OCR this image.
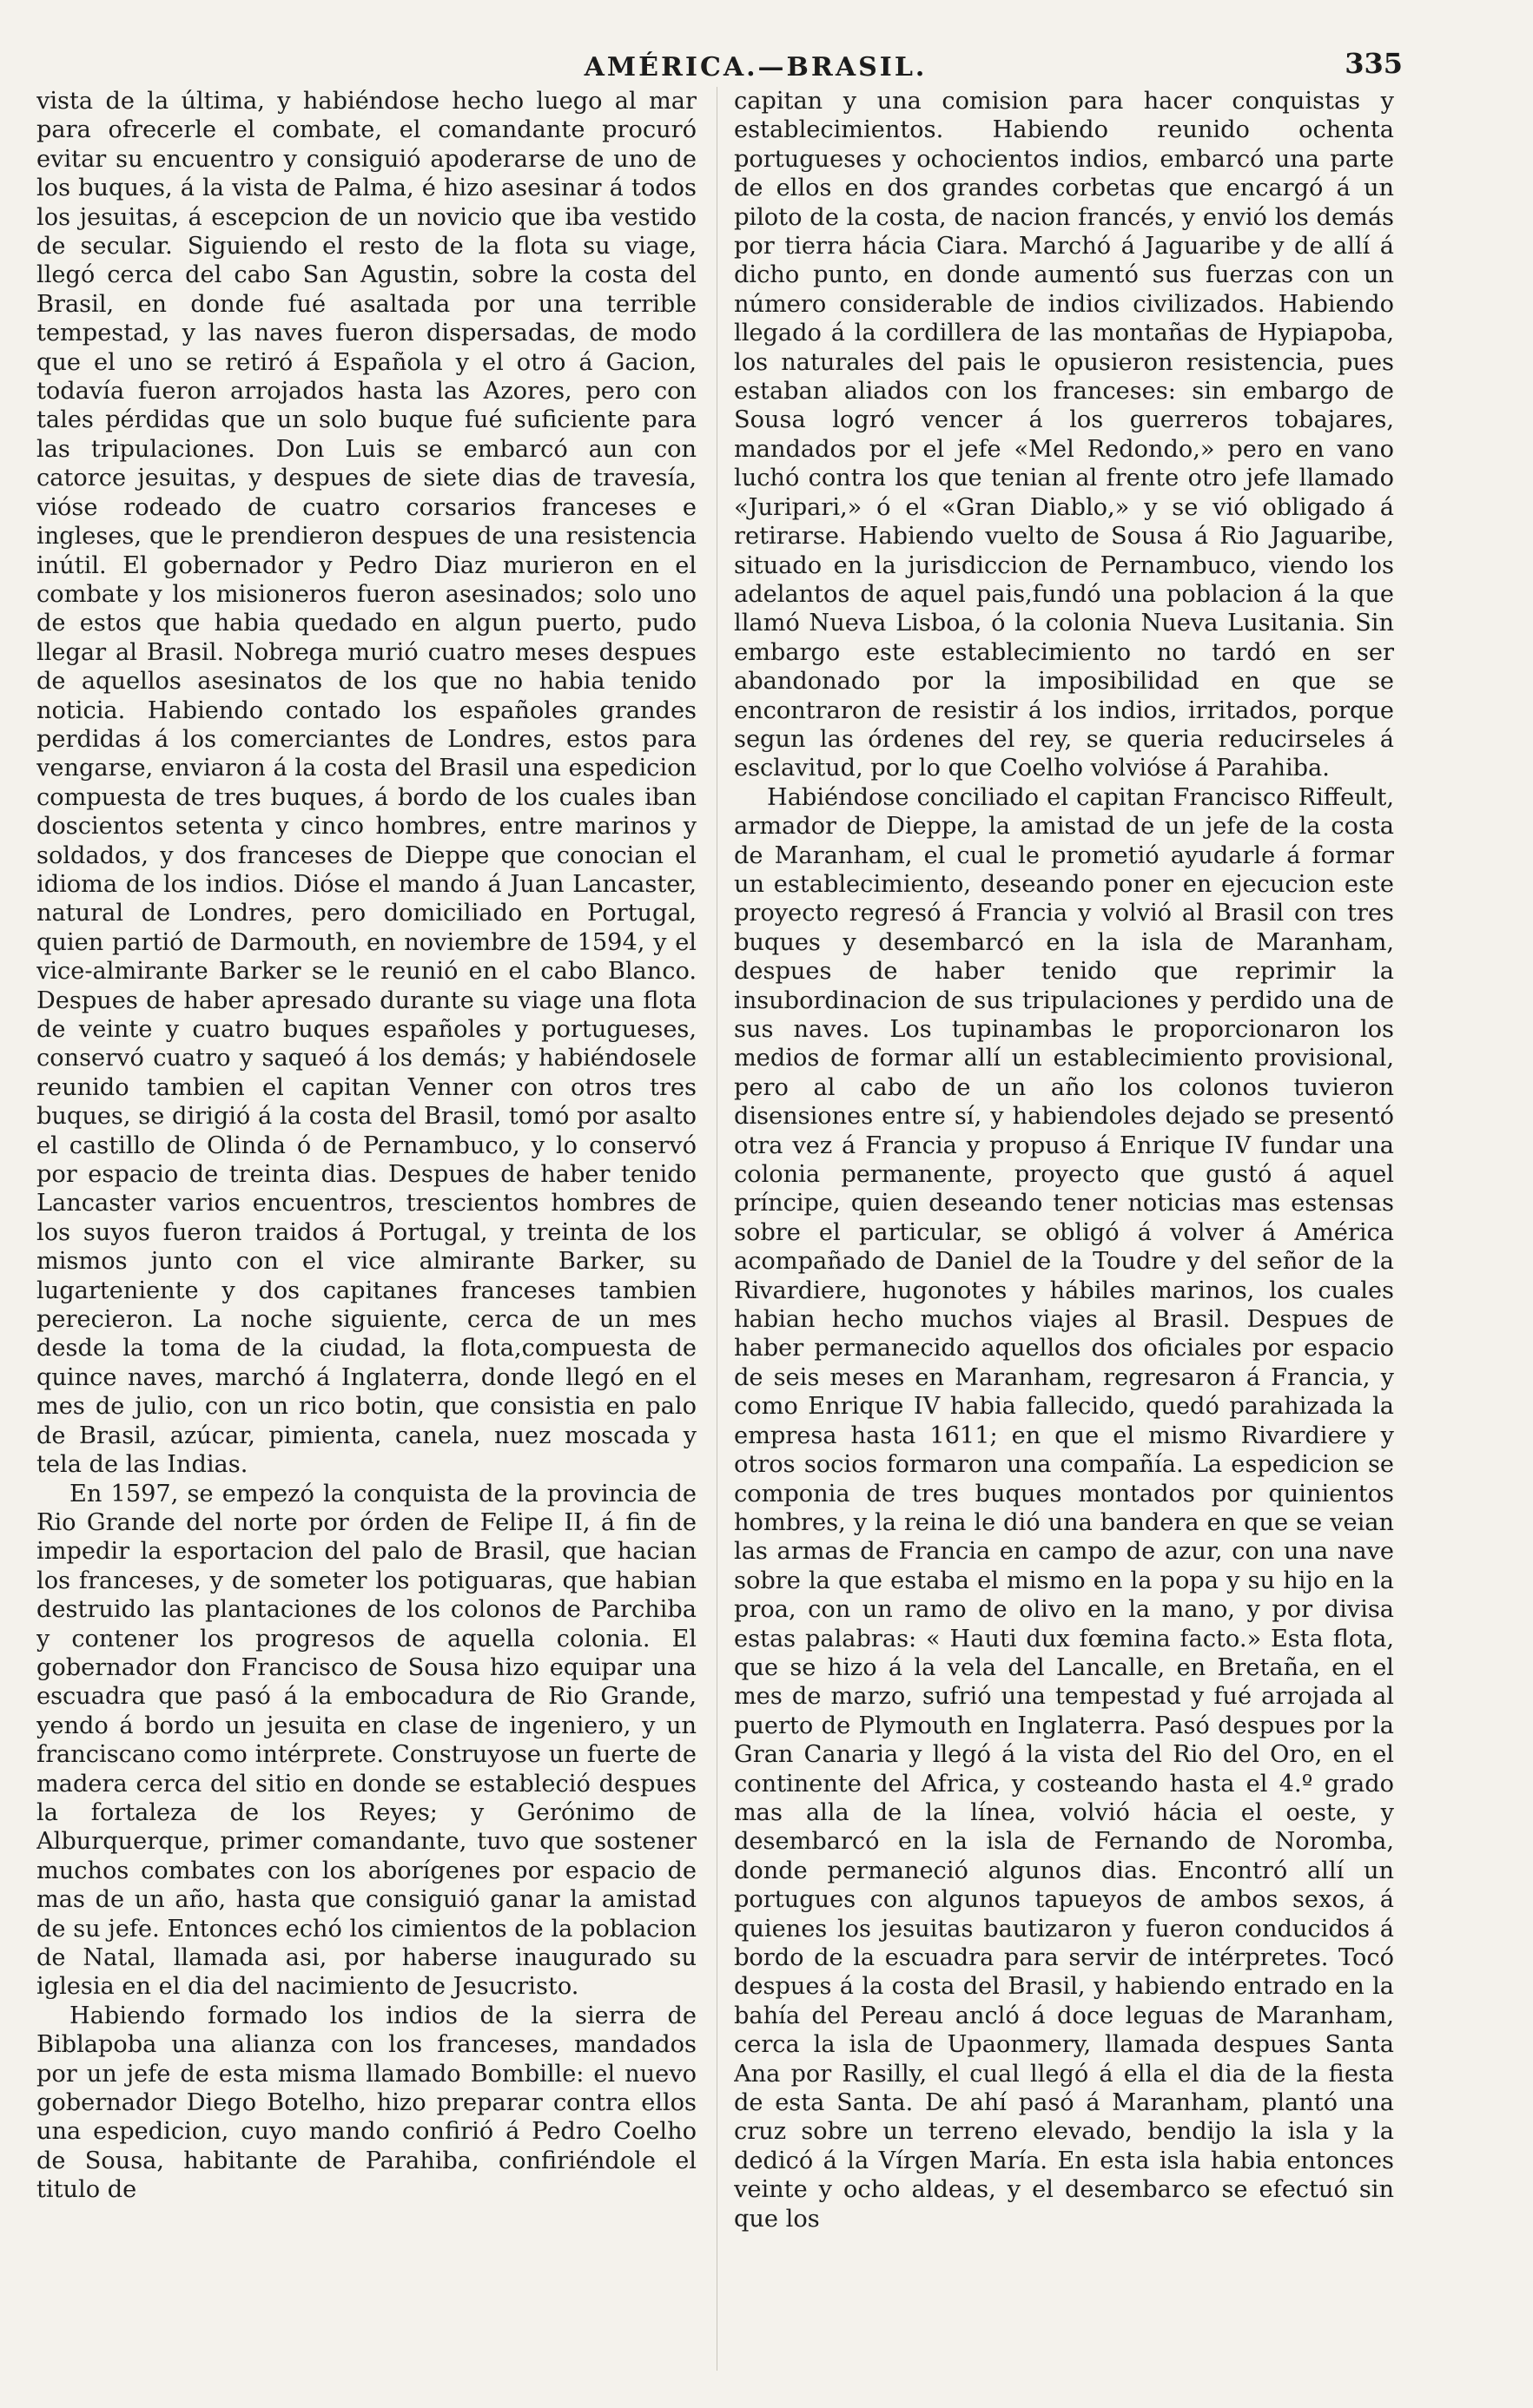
AMÉRICA.—BRASIL.	335

vista de la última, y habiéndose hecho luego al mar para ofrecerle el combate, el comandante procuró evitar su encuentro y consiguió apoderarse de uno de los buques, á la vista de Palma, é hizo asesinar á todos los jesuitas, á escepcion de un novicio que iba vestido de secular. Siguiendo el resto de la flota su viage, llegó cerca del cabo San Agustin, sobre la costa del Brasil, en donde fué asaltada por una terrible tempestad, y las naves fueron dispersadas, de modo que el uno se retiró á Española y el otro á Gacion, todavía fueron arrojados hasta las Azores, pero con tales pérdidas que un solo buque fué suficiente para las tripulaciones. Don Luis se embarcó aun con catorce jesuitas, y despues de siete dias de travesía, vióse rodeado de cuatro corsarios franceses e ingleses, que le prendieron despues de una resistencia inútil. El gobernador y Pedro Diaz murieron en el combate y los misioneros fueron asesinados; solo uno de estos que habia quedado en algun puerto, pudo llegar al Brasil. Nobrega murió cuatro meses despues de aquellos asesinatos de los que no habia tenido noticia. Habiendo contado los españoles grandes perdidas á los comerciantes de Londres, estos para vengarse, enviaron á la costa del Brasil una espedicion compuesta de tres buques, á bordo de los cuales iban doscientos setenta y cinco hombres, entre marinos y soldados, y dos franceses de Dieppe que conocian el idioma de los indios. Dióse el mando á Juan Lancaster, natural de Londres, pero domiciliado en Portugal, quien partió de Darmouth, en noviembre de 1594, y el vice-almirante Barker se le reunió en el cabo Blanco. Despues de haber apresado durante su viage una flota de veinte y cuatro buques españoles y portugueses, conservó cuatro y saqueó á los demás; y habiéndosele reunido tambien el capitan Venner con otros tres buques, se dirigió á la costa del Brasil, tomó por asalto el castillo de Olinda ó de Pernambuco, y lo conservó por espacio de treinta dias. Despues de haber tenido Lancaster varios encuentros, trescientos hombres de los suyos fueron traidos á Portugal, y treinta de los mismos junto con el vice almirante Barker, su lugarteniente y dos capitanes franceses tambien perecieron. La noche siguiente, cerca de un mes desde la toma de la ciudad, la flota,compuesta de quince naves, marchó á Inglaterra, donde llegó en el mes de julio, con un rico botin, que consistia en palo de Brasil, azúcar, pimienta, canela, nuez moscada y tela de las Indias.

En 1597, se empezó la conquista de la provincia de Rio Grande del norte por órden de Felipe II, á fin de impedir la esportacion del palo de Brasil, que hacian los franceses, y de someter los potiguaras, que habian destruido las plantaciones de los colonos de Parchiba y contener los progresos de aquella colonia. El gobernador don Francisco de Sousa hizo equipar una escuadra que pasó á la embocadura de Rio Grande, yendo á bordo un jesuita en clase de ingeniero, y un franciscano como intérprete. Construyose un fuerte de madera cerca del sitio en donde se estableció despues la fortaleza de los Reyes; y Gerónimo de Alburquerque, primer comandante, tuvo que sostener muchos combates con los aborígenes por espacio de mas de un año, hasta que consiguió ganar la amistad de su jefe. Entonces echó los cimientos de la poblacion de Natal, llamada asi, por haberse inaugurado su iglesia en el dia del nacimiento de Jesucristo.

Habiendo formado los indios de la sierra de Biblapoba una alianza con los franceses, mandados por un jefe de esta misma llamado Bombille: el nuevo gobernador Diego Botelho, hizo preparar contra ellos una espedicion, cuyo mando confirió á Pedro Coelho de Sousa, habitante de Parahiba, confiriéndole el titulo de

capitan y una comision para hacer conquistas y establecimientos. Habiendo reunido ochenta portugueses y ochocientos indios, embarcó una parte de ellos en dos grandes corbetas que encargó á un piloto de la costa, de nacion francés, y envió los demás por tierra hácia Ciara. Marchó á Jaguaribe y de allí á dicho punto, en donde aumentó sus fuerzas con un número considerable de indios civilizados. Habiendo llegado á la cordillera de las montañas de Hypiapoba, los naturales del pais le opusieron resistencia, pues estaban aliados con los franceses: sin embargo de Sousa logró vencer á los guerreros tobajares, mandados por el jefe «Mel Redondo,» pero en vano luchó contra los que tenian al frente otro jefe llamado «Juripari,» ó el «Gran Diablo,» y se vió obligado á retirarse. Habiendo vuelto de Sousa á Rio Jaguaribe, situado en la jurisdiccion de Pernambuco, viendo los adelantos de aquel pais,fundó una poblacion á la que llamó Nueva Lisboa, ó la colonia Nueva Lusitania. Sin embargo este establecimiento no tardó en ser abandonado por la imposibilidad en que se encontraron de resistir á los indios, irritados, porque segun las órdenes del rey, se queria reducirseles á esclavitud, por lo que Coelho volvióse á Parahiba.

Habiéndose conciliado el capitan Francisco Riffeult, armador de Dieppe, la amistad de un jefe de la costa de Maranham, el cual le prometió ayudarle á formar un establecimiento, deseando poner en ejecucion este proyecto regresó á Francia y volvió al Brasil con tres buques y desembarcó en la isla de Maranham, despues de haber tenido que reprimir la insubordinacion de sus tripulaciones y perdido una de sus naves. Los tupinambas le proporcionaron los medios de formar allí un establecimiento provisional, pero al cabo de un año los colonos tuvieron disensiones entre sí, y habiendoles dejado se presentó otra vez á Francia y propuso á Enrique IV fundar una colonia permanente, proyecto que gustó á aquel príncipe, quien deseando tener noticias mas estensas sobre el particular, se obligó á volver á América acompañado de Daniel de la Toudre y del señor de la Rivardiere, hugonotes y hábiles marinos, los cuales habian hecho muchos viajes al Brasil. Despues de haber permanecido aquellos dos oficiales por espacio de seis meses en Maranham, regresaron á Francia, y como Enrique IV habia fallecido, quedó parahizada la empresa hasta 1611; en que el mismo Rivardiere y otros socios formaron una compañía. La espedicion se componia de tres buques montados por quinientos hombres, y la reina le dió una bandera en que se veian las armas de Francia en campo de azur, con una nave sobre la que estaba el mismo en la popa y su hijo en la proa, con un ramo de olivo en la mano, y por divisa estas palabras: « Hauti dux fœmina facto.» Esta flota, que se hizo á la vela del Lancalle, en Bretaña, en el mes de marzo, sufrió una tempestad y fué arrojada al puerto de Plymouth en Inglaterra. Pasó despues por la Gran Canaria y llegó á la vista del Rio del Oro, en el continente del Africa, y costeando hasta el 4.º grado mas alla de la línea, volvió hácia el oeste, y desembarcó en la isla de Fernando de Noromba, donde permaneció algunos dias. Encontró allí un portugues con algunos tapueyos de ambos sexos, á quienes los jesuitas bautizaron y fueron conducidos á bordo de la escuadra para servir de intérpretes. Tocó despues á la costa del Brasil, y habiendo entrado en la bahía del Pereau ancló á doce leguas de Maranham, cerca la isla de Upaonmery, llamada despues Santa Ana por Rasilly, el cual llegó á ella el dia de la fiesta de esta Santa. De ahí pasó á Maranham, plantó una cruz sobre un terreno elevado, bendijo la isla y la dedicó á la Vírgen María. En esta isla habia entonces veinte y ocho aldeas, y el desembarco se efectuó sin que los
